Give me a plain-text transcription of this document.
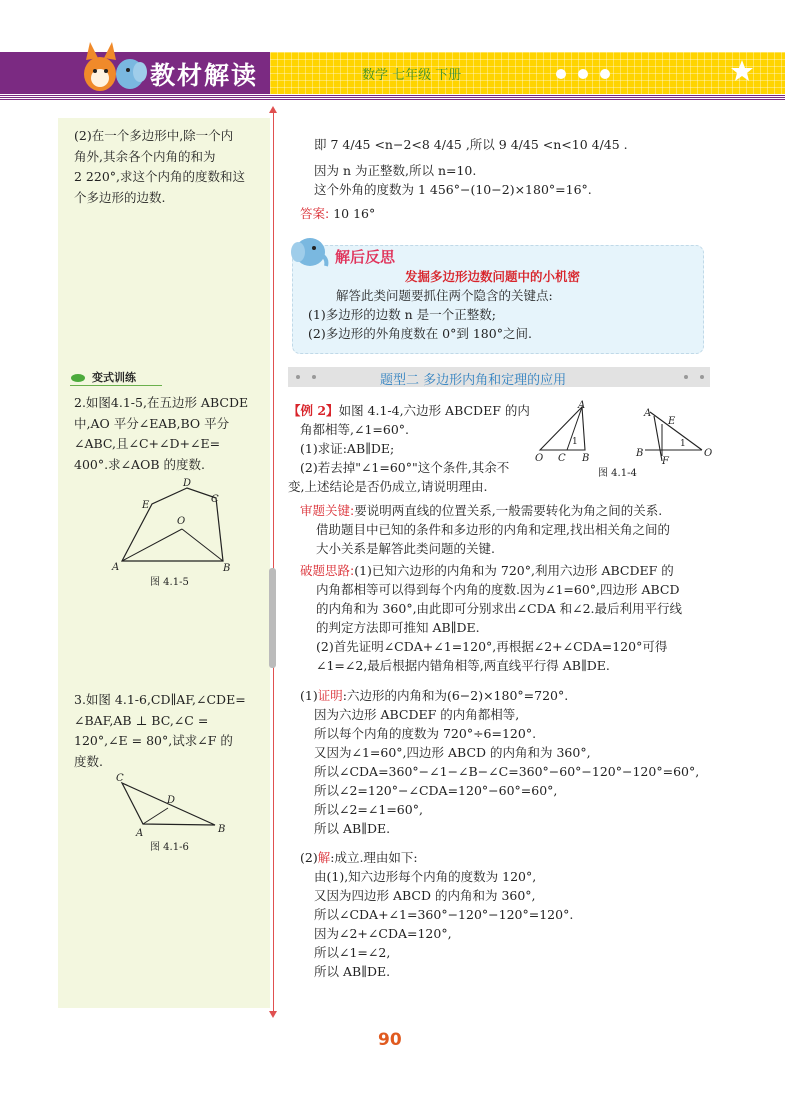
教材解读	数学 七年级 下册
(2)在一个多边形中,除一个内
角外,其余各个内角的和为
2 220°,求这个内角的度数和这
个多边形的边数.
变式训练
2.如图4.1-5,在五边形 ABCDE
中,AO 平分∠EAB,BO 平分
∠ABC,且∠C+∠D+∠E=
400°.求∠AOB 的度数.
A	B
C
D
E
O
图 4.1-5
3.如图 4.1-6,CD∥AF,∠CDE=
∠BAF,AB ⊥ BC,∠C =
120°,∠E = 80°,试求∠F 的
度数.
A	B
C
D
图 4.1-6
即 7 4/45 <n−2<8 4/45 ,所以 9 4/45 <n<10 4/45 .
因为 n 为正整数,所以 n=10.
这个外角的度数为 1 456°−(10−2)×180°=16°.
答案: 10 16°
解后反思
发掘多边形边数问题中的小机密
解答此类问题要抓住两个隐含的关键点:
(1)多边形的边数 n 是一个正整数;
(2)多边形的外角度数在 0°到 180°之间.
题型二 多边形内角和定理的应用
【例 2】如图 4.1-4,六边形 ABCDEF 的内
角都相等,∠1=60°.
(1)求证:AB∥DE;
(2)若去掉"∠1=60°"这个条件,其余不
变,上述结论是否仍成立,请说明理由.
A
O C B
1
A
E
B
F
O
1
图 4.1-4
审题关键:要说明两直线的位置关系,一般需要转化为角之间的关系.
借助题目中已知的条件和多边形的内角和定理,找出相关角之间的
大小关系是解答此类问题的关键.
破题思路:(1)已知六边形的内角和为 720°,利用六边形 ABCDEF 的
内角都相等可以得到每个内角的度数.因为∠1=60°,四边形 ABCD
的内角和为 360°,由此即可分别求出∠CDA 和∠2.最后利用平行线
的判定方法即可推知 AB∥DE.
(2)首先证明∠CDA+∠1=120°,再根据∠2+∠CDA=120°可得
∠1=∠2,最后根据内错角相等,两直线平行得 AB∥DE.
(1)证明:六边形的内角和为(6−2)×180°=720°.
因为六边形 ABCDEF 的内角都相等,
所以每个内角的度数为 720°÷6=120°.
又因为∠1=60°,四边形 ABCD 的内角和为 360°,
所以∠CDA=360°−∠1−∠B−∠C=360°−60°−120°−120°=60°,
所以∠2=120°−∠CDA=120°−60°=60°,
所以∠2=∠1=60°,
所以 AB∥DE.
(2)解:成立.理由如下:
由(1),知六边形每个内角的度数为 120°,
又因为四边形 ABCD 的内角和为 360°,
所以∠CDA+∠1=360°−120°−120°=120°.
因为∠2+∠CDA=120°,
所以∠1=∠2,
所以 AB∥DE.
90
